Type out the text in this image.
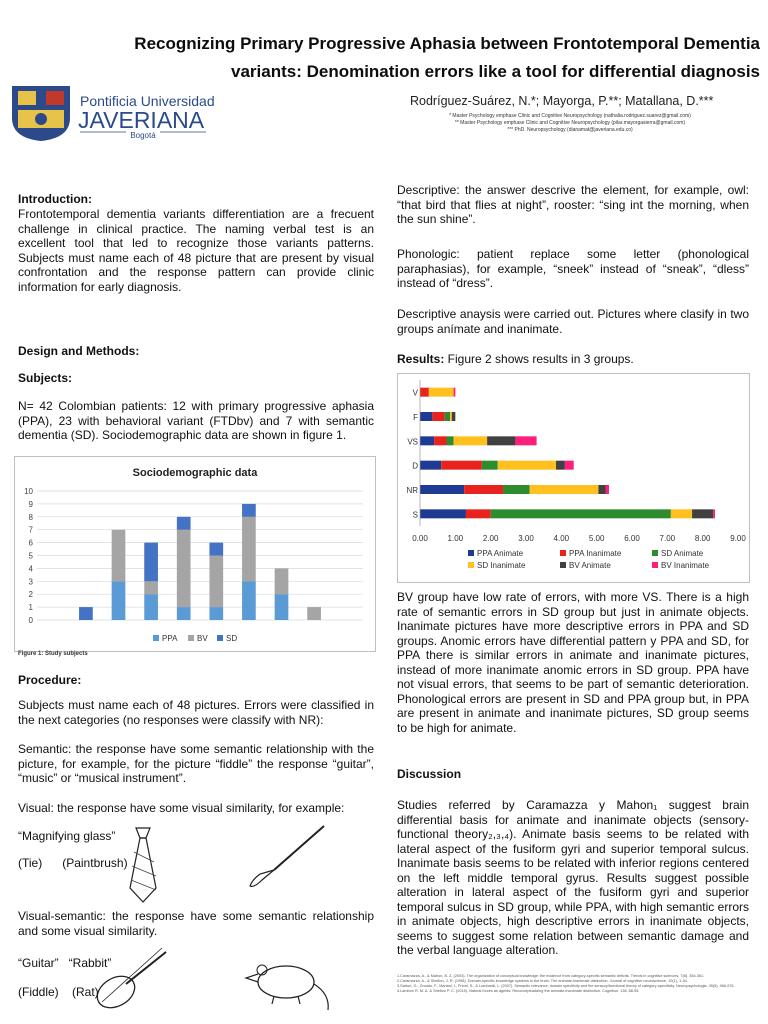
Recognizing Primary Progressive Aphasia between Frontotemporal Dementia
variants: Denomination errors like a tool for differential diagnosis
Pontificia Universidad
JAVERIANA
Bogotá
Rodríguez-Suárez, N.*; Mayorga, P.**; Matallana, D.***
* Master Psychology emphase Clinic and Cognitive Neuropsychology (nathalia.rodriguez.suarez@gmail.com)
** Master Psychology emphase Clinic and Cognitive Neuropsychology (pilar.mayorgasierra@gmail.com)
*** PhD. Neuropsychology (dianamat@javeriana.edu.co)
Introduction:

Frontotemporal dementia variants differentiation are a frecuent challenge in clinical practice. The naming verbal test is an excellent tool that led to recognize those variants patterns. Subjects must name each of 48 picture that are present by visual confrontation and the response pattern can provide clinic information for early diagnosis.

Design and Methods:
Subjects:

N= 42 Colombian patients: 12 with primary progressive aphasia (PPA), 23 with behavioral variant (FTDbv) and 7 with semantic dementia (SD). Sociodemographic data are shown in figure 1.

Sociodemographic data
0
1
2
3
4
5
6
7
8
9
10
PPA BV SD
Figure 1: Study subjects
Procedure:

Subjects must name each of 48 pictures. Errors were classified in the next categories (no responses were classify with NR):

Semantic: the response have some semantic relationship with the picture, for example, for the picture “fiddle” the response “guitar”, “music” or “musical instrument”.

Visual: the response have some visual similarity, for example:

“Magnifying glass”
(Tie)      (Paintbrush)

Visual-semantic: the response have some semantic relationship and some visual similarity.

“Guitar”   “Rabbit”
(Fiddle)    (Rat)

Descriptive: the answer descrive the element, for example, owl: “that bird that flies at night”, rooster: “sing int the morning, when the sun shine”.

Phonologic: patient replace some letter (phonological paraphasias), for example, “sneek” instead of “sneak”, “dless” instead of “dress”.

Descriptive anaysis were carried out. Pictures where clasify in two groups anímate and inanimate.

Results: Figure 2 shows results in 3 groups.
V
F
VS
D
NR
S
0.00 1.00 2.00 3.00 4.00 5.00 6.00 7.00 8.00 9.00
PPA Animate	PPA Inanimate	SD Animate
SD Inanimate	BV Animate	BV Inanimate

BV group have low rate of errors, with more VS. There is a high rate of semantic errors in SD group but just in animate objects. Inanimate pictures have more descriptive errors in PPA and SD groups. Anomic errors have differential pattern y PPA and SD, for PPA there is similar errors in animate and inanimate pictures, instead of more inanimate anomic errors in SD group. PPA have not visual errors, that seems to be part of semantic deterioration. Phonological errors are present in SD and PPA group but, in PPA are present in animate and inanimate pictures, SD group seems to be high for animate.

Discussion

Studies referred by Caramazza y Mahon₁ suggest brain differential basis for animate and inanimate objects (sensory-functional theory₂,₃,₄). Animate basis seems to be related with lateral aspect of the fusiform gyri and superior temporal sulcus. Inanimate basis seems to be related with inferior regions centered on the left middle temporal gyrus. Results suggest possible alteration in lateral aspect of the fusiform gyri and superior temporal sulcus in SD group, while PPA, with high semantic errors in animate objects, high descriptive errors in inanimate objects, seems to suggest some relation between semantic damage and the verbal language alteration.

1.Caramazza, A., & Mahon, B. Z. (2003). The organization of conceptual knowledge: the evidence from category-specific semantic deficits. Trends in cognitive sciences, 7(8), 354-361.
2.Caramazza, A., & Shelton, J. R. (1998). Domain-specific knowledge systems in the brain: The animate-inanimate distinction. Journal of cognitive neuroscience, 10(1), 1-34.
3.Sartori, G., Gnoato, F., Mariani, I., Prioni, S., & Lombardi, L. (2007). Semantic relevance, domain specificity and the sensory/functional theory of category-specificity. Neuropsychologia, 45(5), 966-976.
4.Lambon R. M. A. & Shelton P. C. (2015). Natural forces as agents: Reconceptualizing the animate-inanimate distinction. Cognition, 136, 88-95.
